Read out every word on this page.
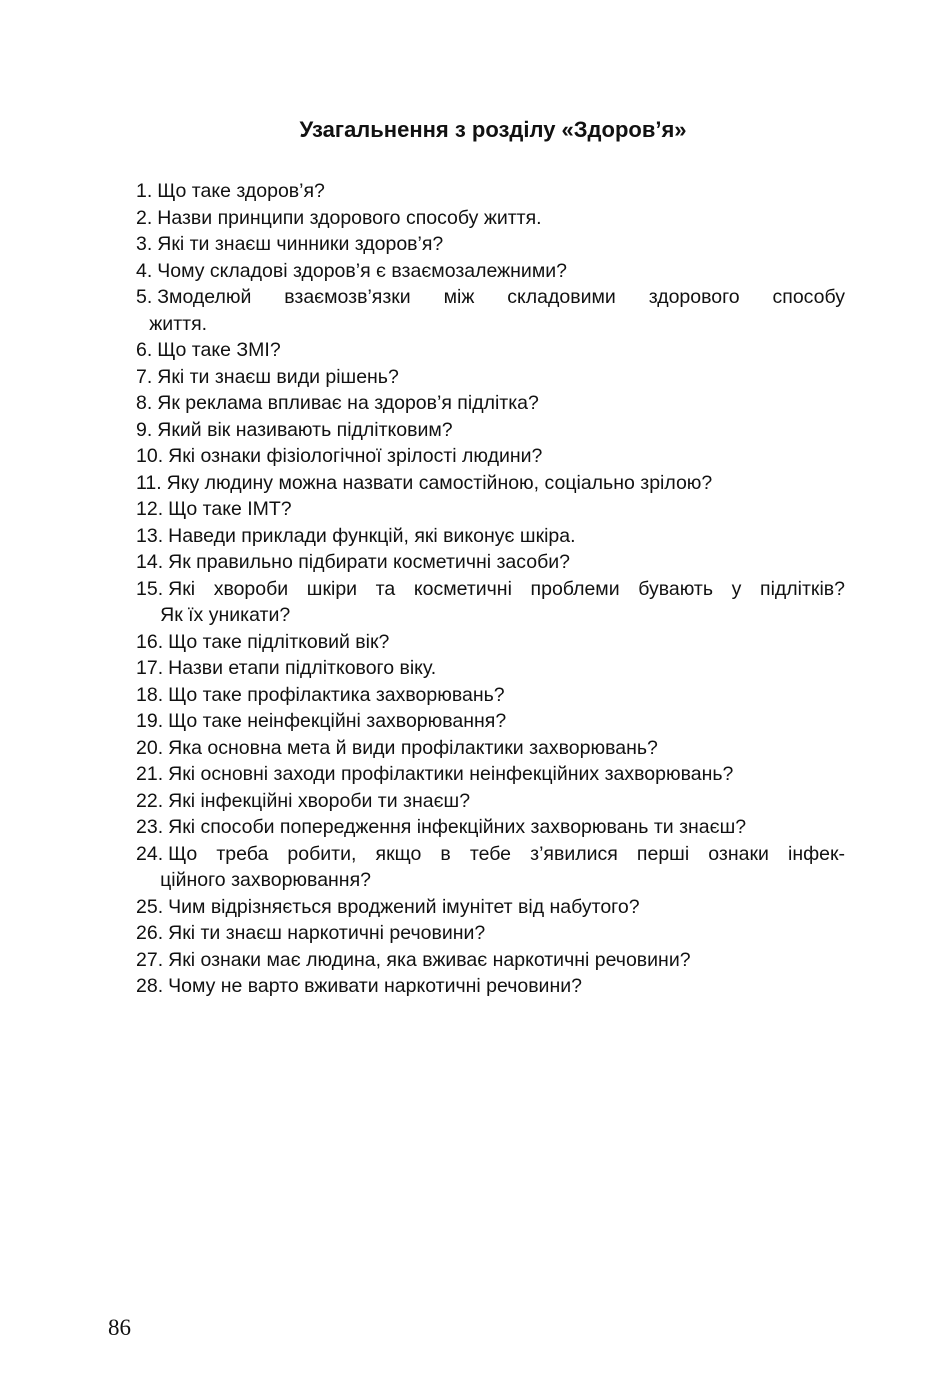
Узагальнення з розділу «Здоров’я»
1. Що таке здоров’я?
2. Назви принципи здорового способу життя.
3. Які ти знаєш чинники здоров’я?
4. Чому складові здоров’я є взаємозалежними?
5. Змоделюй взаємозв’язки між складовими здорового способу
життя.
6. Що таке ЗМІ?
7. Які ти знаєш види рішень?
8. Як реклама впливає на здоров’я підлітка?
9. Який вік називають підлітковим?
10. Які ознаки фізіологічної зрілості людини?
11. Яку людину можна назвати самостійною, соціально зрілою?
12. Що таке ІМТ?
13. Наведи приклади функцій, які виконує шкіра.
14. Як правильно підбирати косметичні засоби?
15. Які хвороби шкіри та косметичні проблеми бувають у підлітків?
Як їх уникати?
16. Що таке підлітковий вік?
17. Назви етапи підліткового віку.
18. Що таке профілактика захворювань?
19. Що таке неінфекційні захворювання?
20. Яка основна мета й види профілактики захворювань?
21. Які основні заходи профілактики неінфекційних захворювань?
22. Які інфекційні хвороби ти знаєш?
23. Які способи попередження інфекційних захворювань ти знаєш?
24. Що треба робити, якщо в тебе з’явилися перші ознаки інфек-
ційного захворювання?
25. Чим відрізняється вроджений імунітет від набутого?
26. Які ти знаєш наркотичні речовини?
27. Які ознаки має людина, яка вживає наркотичні речовини?
28. Чому не варто вживати наркотичні речовини?
86
